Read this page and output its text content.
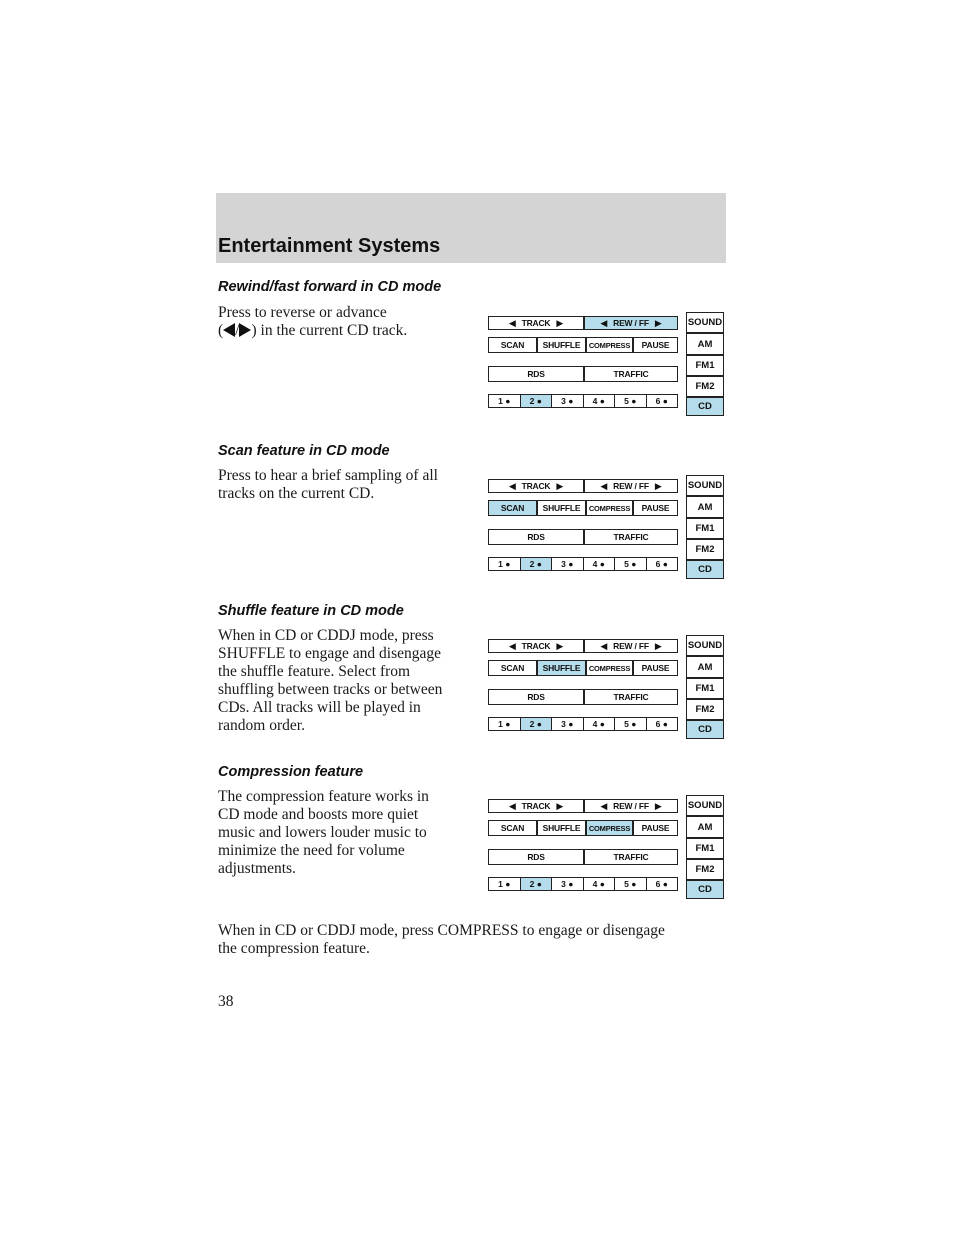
Entertainment Systems
Rewind/fast forward in CD mode
Press to reverse or advance
( / ) in the current CD track.
Scan feature in CD mode
Press to hear a brief sampling of all
tracks on the current CD.
Shuffle feature in CD mode
When in CD or CDDJ mode, press
SHUFFLE to engage and disengage
the shuffle feature. Select from
shuffling between tracks or between
CDs. All tracks will be played in
random order.
Compression feature
The compression feature works in
CD mode and boosts more quiet
music and lowers louder music to
minimize the need for volume
adjustments.
When in CD or CDDJ mode, press COMPRESS to engage or disengage
the compression feature.
38
◀ TRACK ▶	◀ REW / FF ▶
SCAN SHUFFLE COMPRESS PAUSE
RDS	TRAFFIC
1 ●	2 ●	3 ●	4 ●	5 ●	6 ●
SOUND
AM
FM1
FM2
CD
◀ TRACK ▶	◀ REW / FF ▶
SCAN SHUFFLE COMPRESS PAUSE
RDS	TRAFFIC
1 ●	2 ●	3 ●	4 ●	5 ●	6 ●
SOUND
AM
FM1
FM2
CD
◀ TRACK ▶	◀ REW / FF ▶
SCAN SHUFFLE COMPRESS PAUSE
RDS	TRAFFIC
1 ●	2 ●	3 ●	4 ●	5 ●	6 ●
SOUND
AM
FM1
FM2
CD
◀ TRACK ▶	◀ REW / FF ▶
SCAN SHUFFLE COMPRESS PAUSE
RDS	TRAFFIC
1 ●	2 ●	3 ●	4 ●	5 ●	6 ●
SOUND
AM
FM1
FM2
CD
